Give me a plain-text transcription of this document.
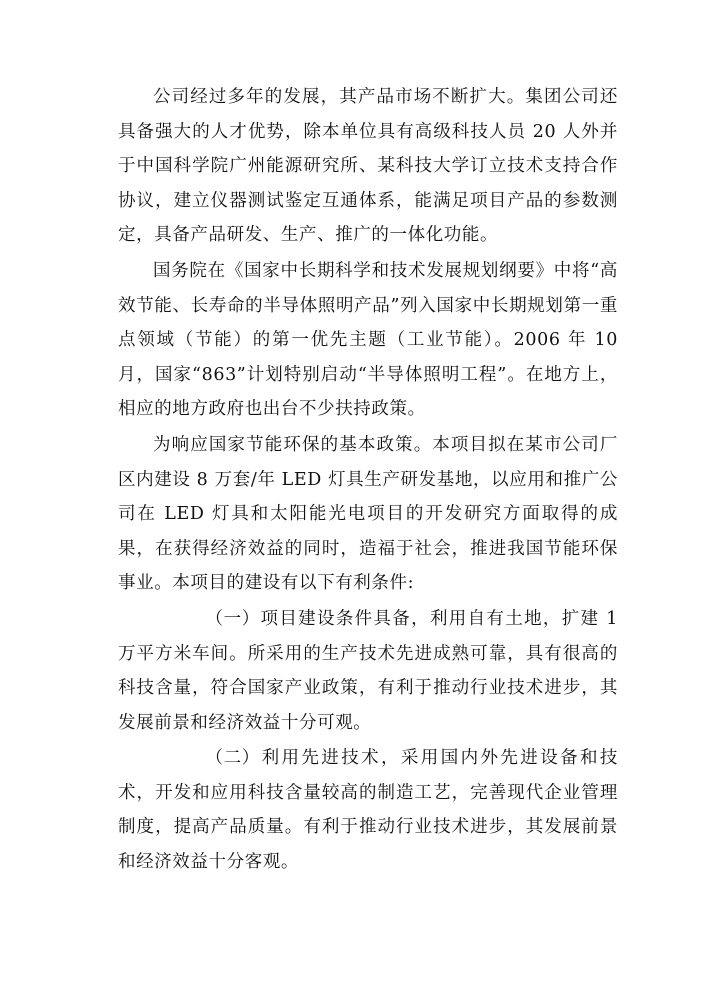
公司经过多年的发展，其产品市场不断扩大。集团公司还具备强大的人才优势，除本单位具有高级科技人员 20 人外并于中国科学院广州能源研究所、某科技大学订立技术支持合作协议，建立仪器测试鉴定互通体系，能满足项目产品的参数测定，具备产品研发、生产、推广的一体化功能。

国务院在《国家中长期科学和技术发展规划纲要》中将“高效节能、长寿命的半导体照明产品”列入国家中长期规划第一重点领域（节能）的第一优先主题（工业节能）。2006 年 10 月，国家“863”计划特别启动“半导体照明工程”。在地方上，相应的地方政府也出台不少扶持政策。

为响应国家节能环保的基本政策。本项目拟在某市公司厂区内建设 8 万套/年 LED 灯具生产研发基地，以应用和推广公司在 LED 灯具和太阳能光电项目的开发研究方面取得的成果，在获得经济效益的同时，造福于社会，推进我国节能环保事业。本项目的建设有以下有利条件:

（一）项目建设条件具备，利用自有土地，扩建 1 万平方米车间。所采用的生产技术先进成熟可靠，具有很高的科技含量，符合国家产业政策，有利于推动行业技术进步，其发展前景和经济效益十分可观。

（二）利用先进技术，采用国内外先进设备和技术，开发和应用科技含量较高的制造工艺，完善现代企业管理制度，提高产品质量。有利于推动行业技术进步，其发展前景和经济效益十分客观。
